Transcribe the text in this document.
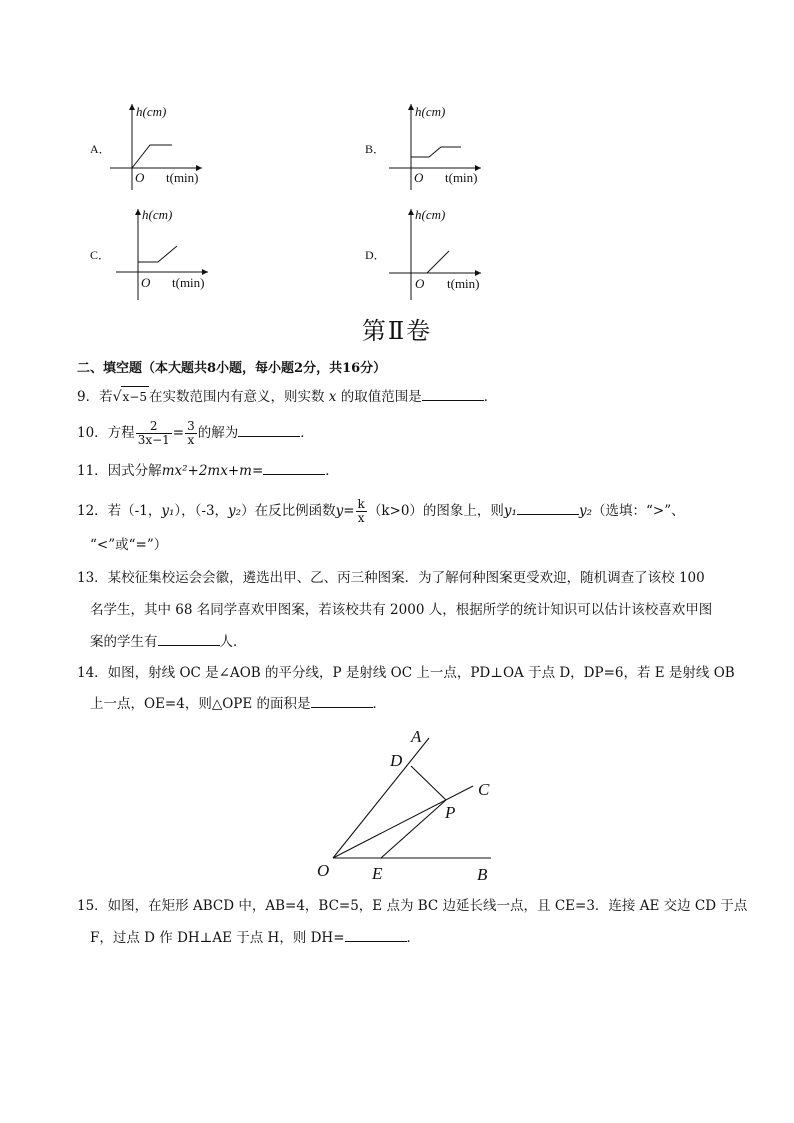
A．
h(cm)
O t(min)
B．
h(cm)
O t(min)
C．
h(cm)
O t(min)
D．
h(cm)
O t(min)
第Ⅱ卷
二、填空题（本大题共8小题，每小题2分，共16分）
9．若√x−5 在实数范围内有意义，则实数 x 的取值范围是	．
10．方程 $\frac{2}{3x-1} = \frac{3}{x}$ 的解为	．
11．因式分解mx²+2mx+m=	．
12．若（-1，y₁），（-3，y₂）在反比例函数$y= \frac{k}{x} (k>0)$的图象上，则y₁	y₂（选填：“>”、
“<”或“=”）
13．某校征集校运会会徽，遴选出甲、乙、丙三种图案．为了解何种图案更受欢迎，随机调查了该校 100
名学生，其中 68 名同学喜欢甲图案，若该校共有 2000 人，根据所学的统计知识可以估计该校喜欢甲图
案的学生有	人．
14．如图，射线 OC 是∠AOB 的平分线，P 是射线 OC 上一点，PD⊥OA 于点 D，DP=6，若 E 是射线 OB
上一点，OE=4，则△OPE 的面积是	．
A
D
C
P
O	E	B
15．如图，在矩形 ABCD 中，AB=4，BC=5，E 点为 BC 边延长线一点，且 CE=3．连接 AE 交边 CD 于点
F，过点 D 作 DH⊥AE 于点 H，则 DH=	．
